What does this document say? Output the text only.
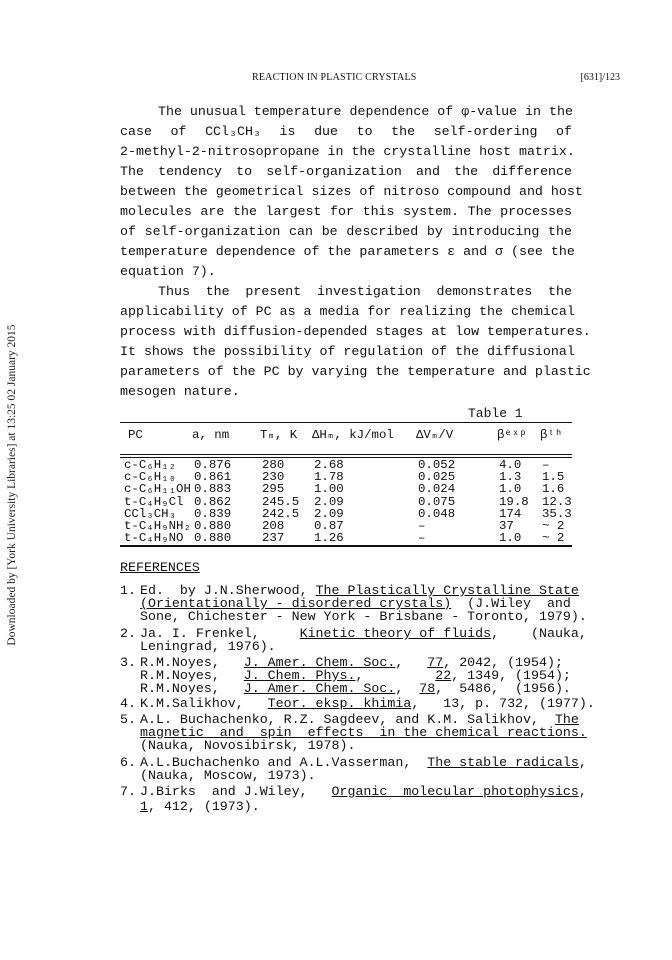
Downloaded by [York University Libraries] at 13:25 02 January 2015
REACTION IN PLASTIC CRYSTALS	[631]/123
The unusual temperature dependence of φ-value in the
case of CCl₃CH₃ is due to the self-ordering of
2-methyl-2-nitrosopropane in the crystalline host matrix.
The tendency to self-organization and the difference
between the geometrical sizes of nitroso compound and host
molecules are the largest for this system. The processes
of self-organization can be described by introducing the
temperature dependence of the parameters ε and σ (see the
equation 7).
Thus the present investigation demonstrates the
applicability of PC as a media for realizing the chemical
process with diffusion-depended stages at low temperatures.
It shows the possibility of regulation of the diffusional
parameters of the PC by varying the temperature and plastic
mesogen nature.
Table 1
PC	a, nm Tₘ, K ΔHₘ, kJ/mol ΔVₘ/V	βᵉˣᵖ βᵗʰ
c-C₆H₁₂ 0.876 280 2.68	0.052	4.0 –
c-C₆H₁₀ 0.861 230 1.78	0.025	1.3 1.5
c-C₆H₁₁OH 0.883 295 1.00	0.024	1.0 1.6
t-C₄H₉Cl 0.862 245.5 2.09	0.075	19.8 12.3
CCl₃CH₃ 0.839 242.5 2.09	0.048	174 35.3
t-C₄H₉NH₂ 0.880 208 0.87	–	37 ~ 2
t-C₄H₉NO 0.880 237 1.26	–	1.0 ~ 2
REFERENCES
1. Ed.  by J.N.Sherwood, The Plastically Crystalline State
(Orientationally - disordered crystals)  (J.Wiley  and
Sone, Chichester - New York - Brisbane - Toronto, 1979).
2. Ja. I. Frenkel,     Kinetic theory of fluids,    (Nauka,
Leningrad, 1976).
3. R.M.Noyes,   J. Amer. Chem. Soc.,   77, 2042, (1954);
R.M.Noyes,   J. Chem. Phys.,         22, 1349, (1954);
R.M.Noyes,   J. Amer. Chem. Soc.,  78,  5486,  (1956).
4. K.M.Salikhov,   Teor. eksp. khimia,   13, p. 732, (1977).
5. A.L. Buchachenko, R.Z. Sagdeev, and K.M. Salikhov,  The
magnetic  and  spin  effects  in the chemical reactions.
(Nauka, Novosibirsk, 1978).
6. A.L.Buchachenko and A.L.Vasserman,  The stable radicals,
(Nauka, Moscow, 1973).
7. J.Birks  and J.Wiley,   Organic  molecular photophysics,
1, 412, (1973).
